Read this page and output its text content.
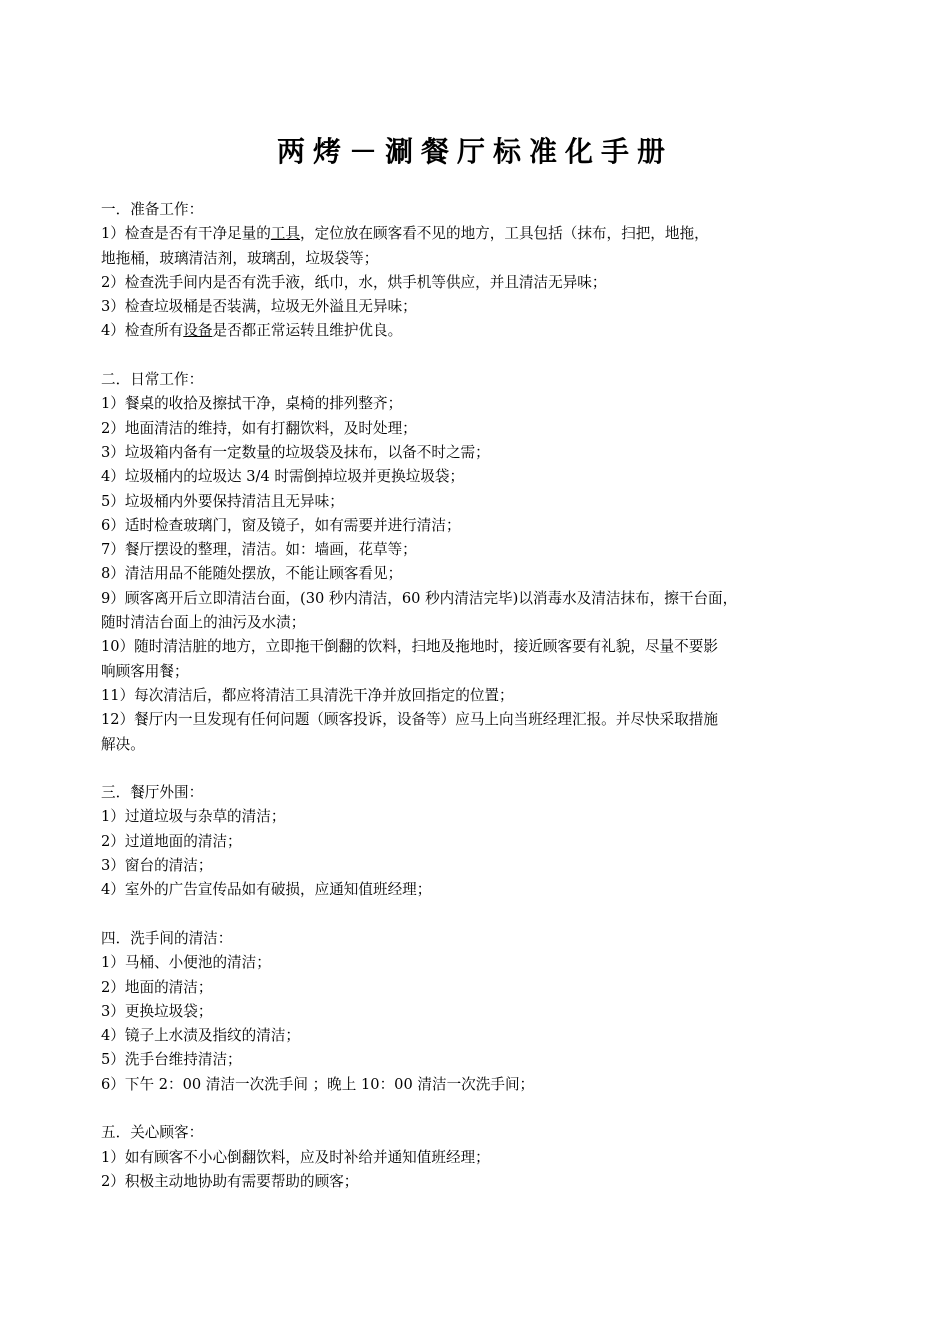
两烤－涮餐厅标准化手册
一．准备工作：
1）检查是否有干净足量的工具，定位放在顾客看不见的地方，工具包括（抹布，扫把，地拖，
地拖桶，玻璃清洁剂，玻璃刮，垃圾袋等；
2）检查洗手间内是否有洗手液，纸巾，水，烘手机等供应，并且清洁无异味；
3）检查垃圾桶是否装满，垃圾无外溢且无异味；
4）检查所有设备是否都正常运转且维护优良。
二．日常工作：
1）餐桌的收拾及擦拭干净，桌椅的排列整齐；
2）地面清洁的维持，如有打翻饮料，及时处理；
3）垃圾箱内备有一定数量的垃圾袋及抹布，以备不时之需；
4）垃圾桶内的垃圾达 3/4 时需倒掉垃圾并更换垃圾袋；
5）垃圾桶内外要保持清洁且无异味；
6）适时检查玻璃门，窗及镜子，如有需要并进行清洁；
7）餐厅摆设的整理，清洁。如：墙画，花草等；
8）清洁用品不能随处摆放，不能让顾客看见；
9）顾客离开后立即清洁台面，(30 秒内清洁，60 秒内清洁完毕)以消毒水及清洁抹布，擦干台面，
随时清洁台面上的油污及水渍；
10）随时清洁脏的地方，立即拖干倒翻的饮料，扫地及拖地时，接近顾客要有礼貌，尽量不要影
响顾客用餐；
11）每次清洁后，都应将清洁工具清洗干净并放回指定的位置；
12）餐厅内一旦发现有任何问题（顾客投诉，设备等）应马上向当班经理汇报。并尽快采取措施
解决。
三．餐厅外围：
1）过道垃圾与杂草的清洁；
2）过道地面的清洁；
3）窗台的清洁；
4）室外的广告宣传品如有破损，应通知值班经理；
四．洗手间的清洁：
1）马桶、小便池的清洁；
2）地面的清洁；
3）更换垃圾袋；
4）镜子上水渍及指纹的清洁；
5）洗手台维持清洁；
6）下午 2：00 清洁一次洗手间 ；晚上 10：00 清洁一次洗手间；
五．关心顾客：
1）如有顾客不小心倒翻饮料，应及时补给并通知值班经理；
2）积极主动地协助有需要帮助的顾客；
